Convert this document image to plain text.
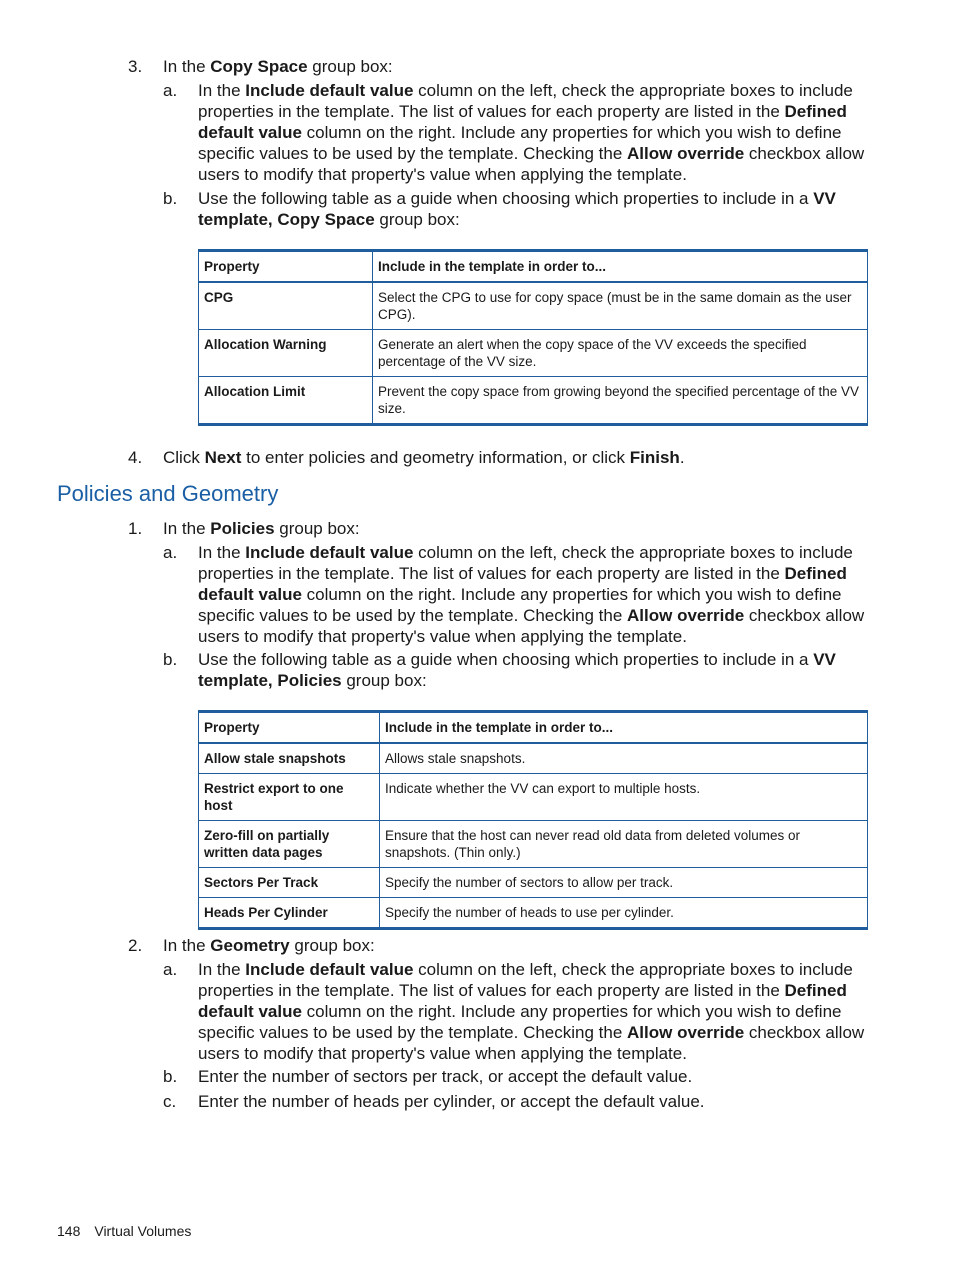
3. In the Copy Space group box:
a. In the Include default value column on the left, check the appropriate boxes to include properties in the template. The list of values for each property are listed in the Defined default value column on the right. Include any properties for which you wish to define specific values to be used by the template. Checking the Allow override checkbox allow users to modify that property's value when applying the template.
b. Use the following table as a guide when choosing which properties to include in a VV template, Copy Space group box:
Property	Include in the template in order to...
CPG	Select the CPG to use for copy space (must be in the same domain as the user CPG).
Allocation Warning	Generate an alert when the copy space of the VV exceeds the specified percentage of the VV size.
Allocation Limit	Prevent the copy space from growing beyond the specified percentage of the VV size.
4. Click Next to enter policies and geometry information, or click Finish.
Policies and Geometry
1. In the Policies group box:
a. In the Include default value column on the left, check the appropriate boxes to include properties in the template. The list of values for each property are listed in the Defined default value column on the right. Include any properties for which you wish to define specific values to be used by the template. Checking the Allow override checkbox allow users to modify that property's value when applying the template.
b. Use the following table as a guide when choosing which properties to include in a VV template, Policies group box:
Property	Include in the template in order to...
Allow stale snapshots	Allows stale snapshots.
Restrict export to one host	Indicate whether the VV can export to multiple hosts.
Zero-fill on partially written data pages	Ensure that the host can never read old data from deleted volumes or snapshots. (Thin only.)
Sectors Per Track	Specify the number of sectors to allow per track.
Heads Per Cylinder	Specify the number of heads to use per cylinder.
2. In the Geometry group box:
a. In the Include default value column on the left, check the appropriate boxes to include properties in the template. The list of values for each property are listed in the Defined default value column on the right. Include any properties for which you wish to define specific values to be used by the template. Checking the Allow override checkbox allow users to modify that property's value when applying the template.
b. Enter the number of sectors per track, or accept the default value.
c. Enter the number of heads per cylinder, or accept the default value.
148 Virtual Volumes
